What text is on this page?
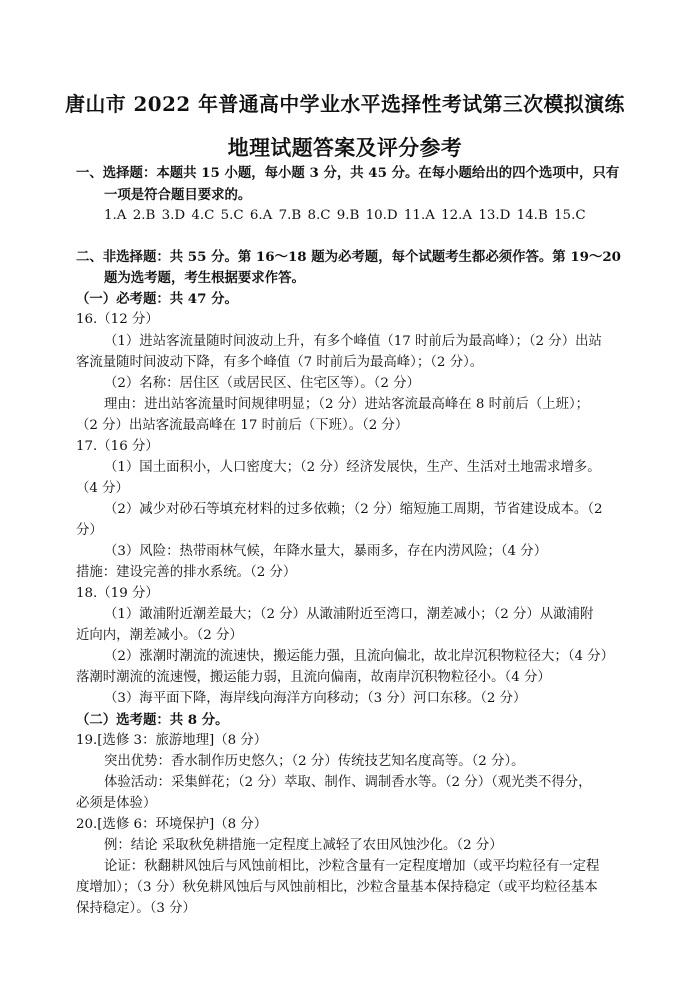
唐山市 2022 年普通高中学业水平选择性考试第三次模拟演练
地理试题答案及评分参考
一、选择题：本题共 15 小题，每小题 3 分，共 45 分。在每小题给出的四个选项中，只有
一项是符合题目要求的。
1.A 2.B 3.D 4.C 5.C 6.A 7.B 8.C 9.B 10.D 11.A 12.A 13.D 14.B 15.C
二、非选择题：共 55 分。第 16～18 题为必考题，每个试题考生都必须作答。第 19～20
题为选考题，考生根据要求作答。
（一）必考题：共 47 分。
16.（12 分）
（1）进站客流量随时间波动上升，有多个峰值（17 时前后为最高峰）；（2 分）出站
客流量随时间波动下降，有多个峰值（7 时前后为最高峰）；（2 分）。
（2）名称：居住区（或居民区、住宅区等）。（2 分）
理由：进出站客流量时间规律明显；（2 分）进站客流最高峰在 8 时前后（上班）；
（2 分）出站客流最高峰在 17 时前后（下班）。（2 分）
17.（16 分）
（1）国土面积小，人口密度大；（2 分）经济发展快，生产、生活对土地需求增多。
（4 分）
（2）减少对砂石等填充材料的过多依赖；（2 分）缩短施工周期，节省建设成本。（2
分）
（3）风险：热带雨林气候，年降水量大，暴雨多，存在内涝风险；（4 分）
措施：建设完善的排水系统。（2 分）
18.（19 分）
（1）澉浦附近潮差最大；（2 分）从澉浦附近至湾口，潮差减小；（2 分）从澉浦附
近向内，潮差减小。（2 分）
（2）涨潮时潮流的流速快，搬运能力强，且流向偏北，故北岸沉积物粒径大；（4 分）
落潮时潮流的流速慢，搬运能力弱，且流向偏南，故南岸沉积物粒径小。（4 分）
（3）海平面下降，海岸线向海洋方向移动；（3 分）河口东移。（2 分）
（二）选考题：共 8 分。
19.[选修 3：旅游地理]（8 分）
突出优势：香水制作历史悠久；（2 分）传统技艺知名度高等。（2 分）。
体验活动：采集鲜花；（2 分）萃取、制作、调制香水等。（2 分）（观光类不得分，
必须是体验）
20.[选修 6：环境保护]（8 分）
例：结论 采取秋免耕措施一定程度上减轻了农田风蚀沙化。（2 分）
论证：秋翻耕风蚀后与风蚀前相比，沙粒含量有一定程度增加（或平均粒径有一定程
度增加）；（3 分）秋免耕风蚀后与风蚀前相比，沙粒含量基本保持稳定（或平均粒径基本
保持稳定）。（3 分）
